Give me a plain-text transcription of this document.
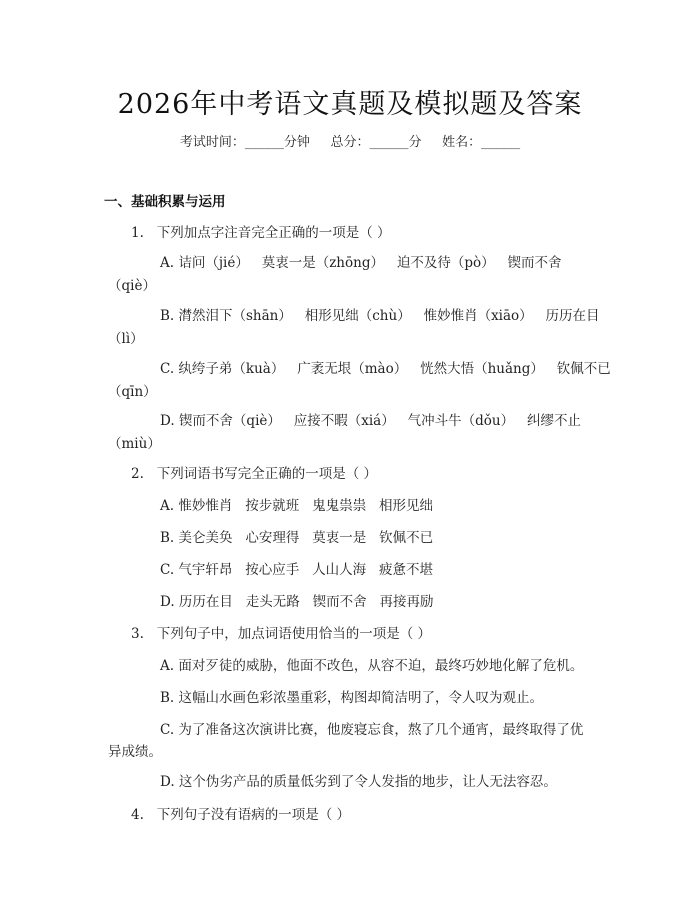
2026年中考语文真题及模拟题及答案
考试时间：______分钟     总分：______分     姓名：______
一、基础积累与运用
1.   下列加点字注音完全正确的一项是（ ）
A. 诘问（jié）   莫衷一是（zhōng）   迫不及待（pò）   锲而不舍
（qiè）
B. 潸然泪下（shān）   相形见绌（chù）   惟妙惟肖（xiāo）   历历在目
（lì）
C. 纨绔子弟（kuà）   广袤无垠（mào）   恍然大悟（huǎng）   钦佩不已
（qīn）
D. 锲而不舍（qiè）   应接不暇（xiá）   气冲斗牛（dǒu）   纠缪不止
（miù）
2.   下列词语书写完全正确的一项是（ ）
A. 惟妙惟肖   按步就班   鬼鬼祟祟   相形见绌
B. 美仑美奂   心安理得   莫衷一是   钦佩不已
C. 气宇轩昂   按心应手   人山人海   疲惫不堪
D. 历历在目   走头无路   锲而不舍   再接再励
3.   下列句子中，加点词语使用恰当的一项是（ ）
A. 面对歹徒的威胁，他面不改色，从容不迫，最终巧妙地化解了危机。
B. 这幅山水画色彩浓墨重彩，构图却简洁明了，令人叹为观止。
C. 为了准备这次演讲比赛，他废寝忘食，熬了几个通宵，最终取得了优
异成绩。
D. 这个伪劣产品的质量低劣到了令人发指的地步，让人无法容忍。
4.   下列句子没有语病的一项是（ ）
